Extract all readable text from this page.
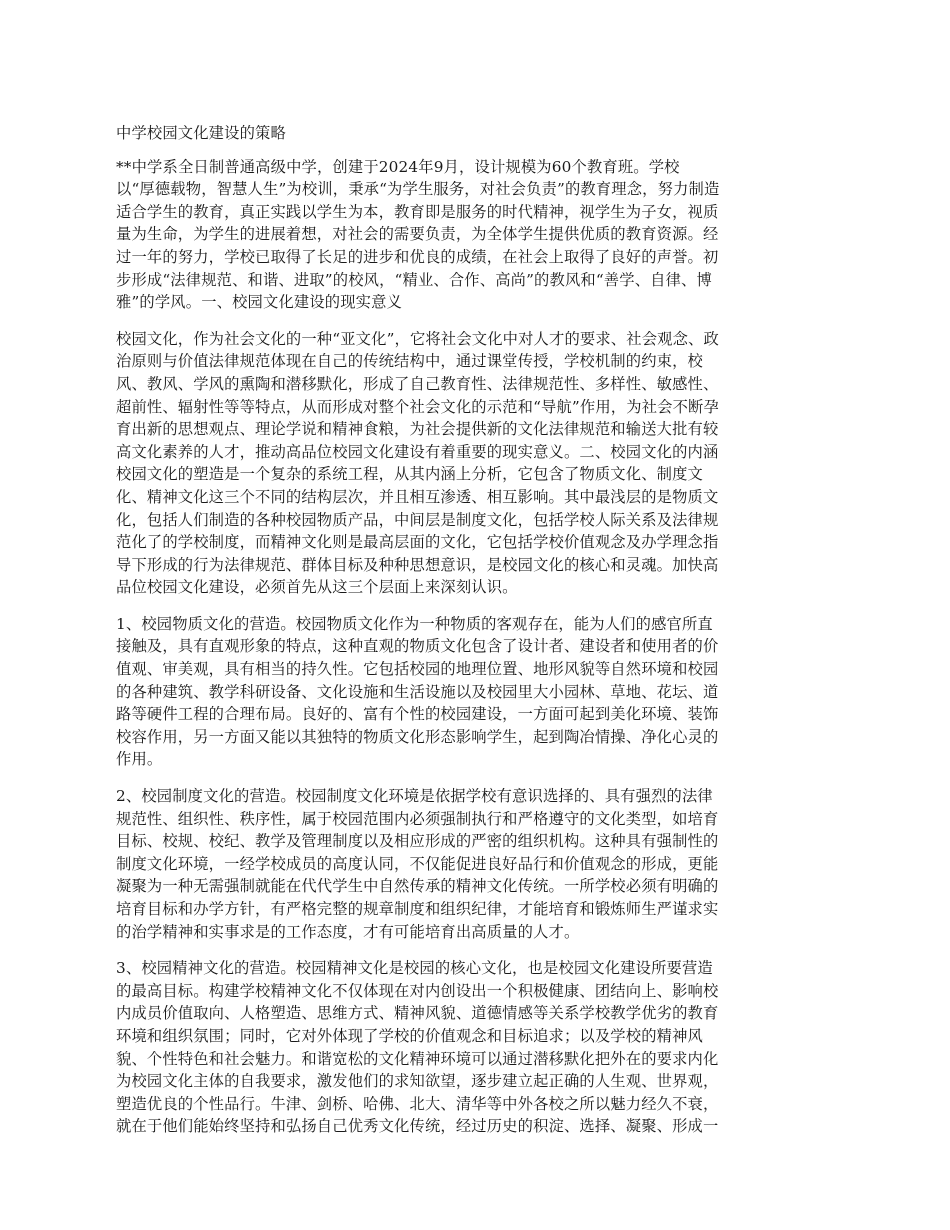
中学校园文化建设的策略

**中学系全日制普通高级中学，创建于2024年9月，设计规模为60个教育班。学校
以“厚德载物，智慧人生”为校训，秉承“为学生服务，对社会负责”的教育理念，努力制造
适合学生的教育，真正实践以学生为本，教育即是服务的时代精神，视学生为子女，视质
量为生命，为学生的进展着想，对社会的需要负责，为全体学生提供优质的教育资源。经
过一年的努力，学校已取得了长足的进步和优良的成绩，在社会上取得了良好的声誉。初
步形成“法律规范、和谐、进取”的校风，“精业、合作、高尚”的教风和“善学、自律、博
雅”的学风。一、校园文化建设的现实意义

校园文化，作为社会文化的一种“亚文化”，它将社会文化中对人才的要求、社会观念、政
治原则与价值法律规范体现在自己的传统结构中，通过课堂传授，学校机制的约束，校
风、教风、学风的熏陶和潜移默化，形成了自己教育性、法律规范性、多样性、敏感性、
超前性、辐射性等等特点，从而形成对整个社会文化的示范和“导航”作用，为社会不断孕
育出新的思想观点、理论学说和精神食粮，为社会提供新的文化法律规范和输送大批有较
高文化素养的人才，推动高品位校园文化建设有着重要的现实意义。二、校园文化的内涵
校园文化的塑造是一个复杂的系统工程，从其内涵上分析，它包含了物质文化、制度文
化、精神文化这三个不同的结构层次，并且相互渗透、相互影响。其中最浅层的是物质文
化，包括人们制造的各种校园物质产品，中间层是制度文化，包括学校人际关系及法律规
范化了的学校制度，而精神文化则是最高层面的文化，它包括学校价值观念及办学理念指
导下形成的行为法律规范、群体目标及种种思想意识，是校园文化的核心和灵魂。加快高
品位校园文化建设，必须首先从这三个层面上来深刻认识。

1、校园物质文化的营造。校园物质文化作为一种物质的客观存在，能为人们的感官所直
接触及，具有直观形象的特点，这种直观的物质文化包含了设计者、建设者和使用者的价
值观、审美观，具有相当的持久性。它包括校园的地理位置、地形风貌等自然环境和校园
的各种建筑、教学科研设备、文化设施和生活设施以及校园里大小园林、草地、花坛、道
路等硬件工程的合理布局。良好的、富有个性的校园建设，一方面可起到美化环境、装饰
校容作用，另一方面又能以其独特的物质文化形态影响学生，起到陶冶情操、净化心灵的
作用。

2、校园制度文化的营造。校园制度文化环境是依据学校有意识选择的、具有强烈的法律
规范性、组织性、秩序性，属于校园范围内必须强制执行和严格遵守的文化类型，如培育
目标、校规、校纪、教学及管理制度以及相应形成的严密的组织机构。这种具有强制性的
制度文化环境，一经学校成员的高度认同，不仅能促进良好品行和价值观念的形成，更能
凝聚为一种无需强制就能在代代学生中自然传承的精神文化传统。一所学校必须有明确的
培育目标和办学方针，有严格完整的规章制度和组织纪律，才能培育和锻炼师生严谨求实
的治学精神和实事求是的工作态度，才有可能培育出高质量的人才。

3、校园精神文化的营造。校园精神文化是校园的核心文化，也是校园文化建设所要营造
的最高目标。构建学校精神文化不仅体现在对内创设出一个积极健康、团结向上、影响校
内成员价值取向、人格塑造、思维方式、精神风貌、道德情感等关系学校教学优劣的教育
环境和组织氛围；同时，它对外体现了学校的价值观念和目标追求；以及学校的精神风
貌、个性特色和社会魅力。和谐宽松的文化精神环境可以通过潜移默化把外在的要求内化
为校园文化主体的自我要求，激发他们的求知欲望，逐步建立起正确的人生观、世界观，
塑造优良的个性品行。牛津、剑桥、哈佛、北大、清华等中外各校之所以魅力经久不衰，
就在于他们能始终坚持和弘扬自己优秀文化传统，经过历史的积淀、选择、凝聚、形成一
